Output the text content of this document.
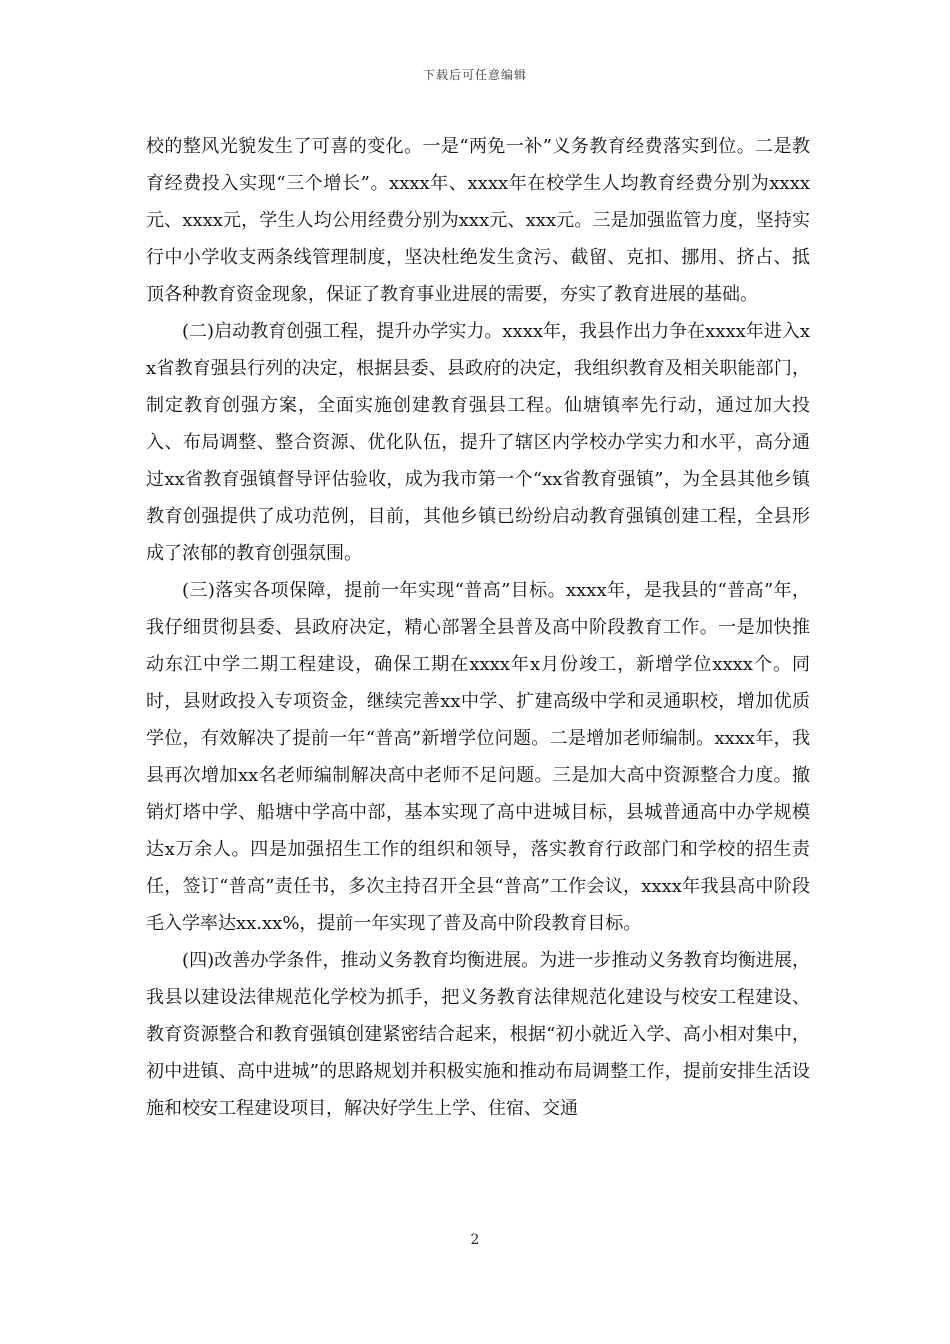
下载后可任意编辑

校的整风光貌发生了可喜的变化。一是“两免一补”义务教育经费落实到位。二是教育经费投入实现“三个增长”。xxxx年、xxxx年在校学生人均教育经费分别为xxxx元、xxxx元，学生人均公用经费分别为xxx元、xxx元。三是加强监管力度，坚持实行中小学收支两条线管理制度，坚决杜绝发生贪污、截留、克扣、挪用、挤占、抵顶各种教育资金现象，保证了教育事业进展的需要，夯实了教育进展的基础。

(二)启动教育创强工程，提升办学实力。xxxx年，我县作出力争在xxxx年进入xx省教育强县行列的决定，根据县委、县政府的决定，我组织教育及相关职能部门，制定教育创强方案，全面实施创建教育强县工程。仙塘镇率先行动，通过加大投入、布局调整、整合资源、优化队伍，提升了辖区内学校办学实力和水平，高分通过xx省教育强镇督导评估验收，成为我市第一个“xx省教育强镇”，为全县其他乡镇教育创强提供了成功范例，目前，其他乡镇已纷纷启动教育强镇创建工程，全县形成了浓郁的教育创强氛围。

(三)落实各项保障，提前一年实现“普高”目标。xxxx年，是我县的“普高”年，我仔细贯彻县委、县政府决定，精心部署全县普及高中阶段教育工作。一是加快推动东江中学二期工程建设，确保工期在xxxx年x月份竣工，新增学位xxxx个。同时，县财政投入专项资金，继续完善xx中学、扩建高级中学和灵通职校，增加优质学位，有效解决了提前一年“普高”新增学位问题。二是增加老师编制。xxxx年，我县再次增加xx名老师编制解决高中老师不足问题。三是加大高中资源整合力度。撤销灯塔中学、船塘中学高中部，基本实现了高中进城目标，县城普通高中办学规模达x万余人。四是加强招生工作的组织和领导，落实教育行政部门和学校的招生责任，签订“普高”责任书，多次主持召开全县“普高”工作会议，xxxx年我县高中阶段毛入学率达xx.xx%，提前一年实现了普及高中阶段教育目标。

(四)改善办学条件，推动义务教育均衡进展。为进一步推动义务教育均衡进展，我县以建设法律规范化学校为抓手，把义务教育法律规范化建设与校安工程建设、教育资源整合和教育强镇创建紧密结合起来，根据“初小就近入学、高小相对集中，初中进镇、高中进城”的思路规划并积极实施和推动布局调整工作，提前安排生活设施和校安工程建设项目，解决好学生上学、住宿、交通

2
